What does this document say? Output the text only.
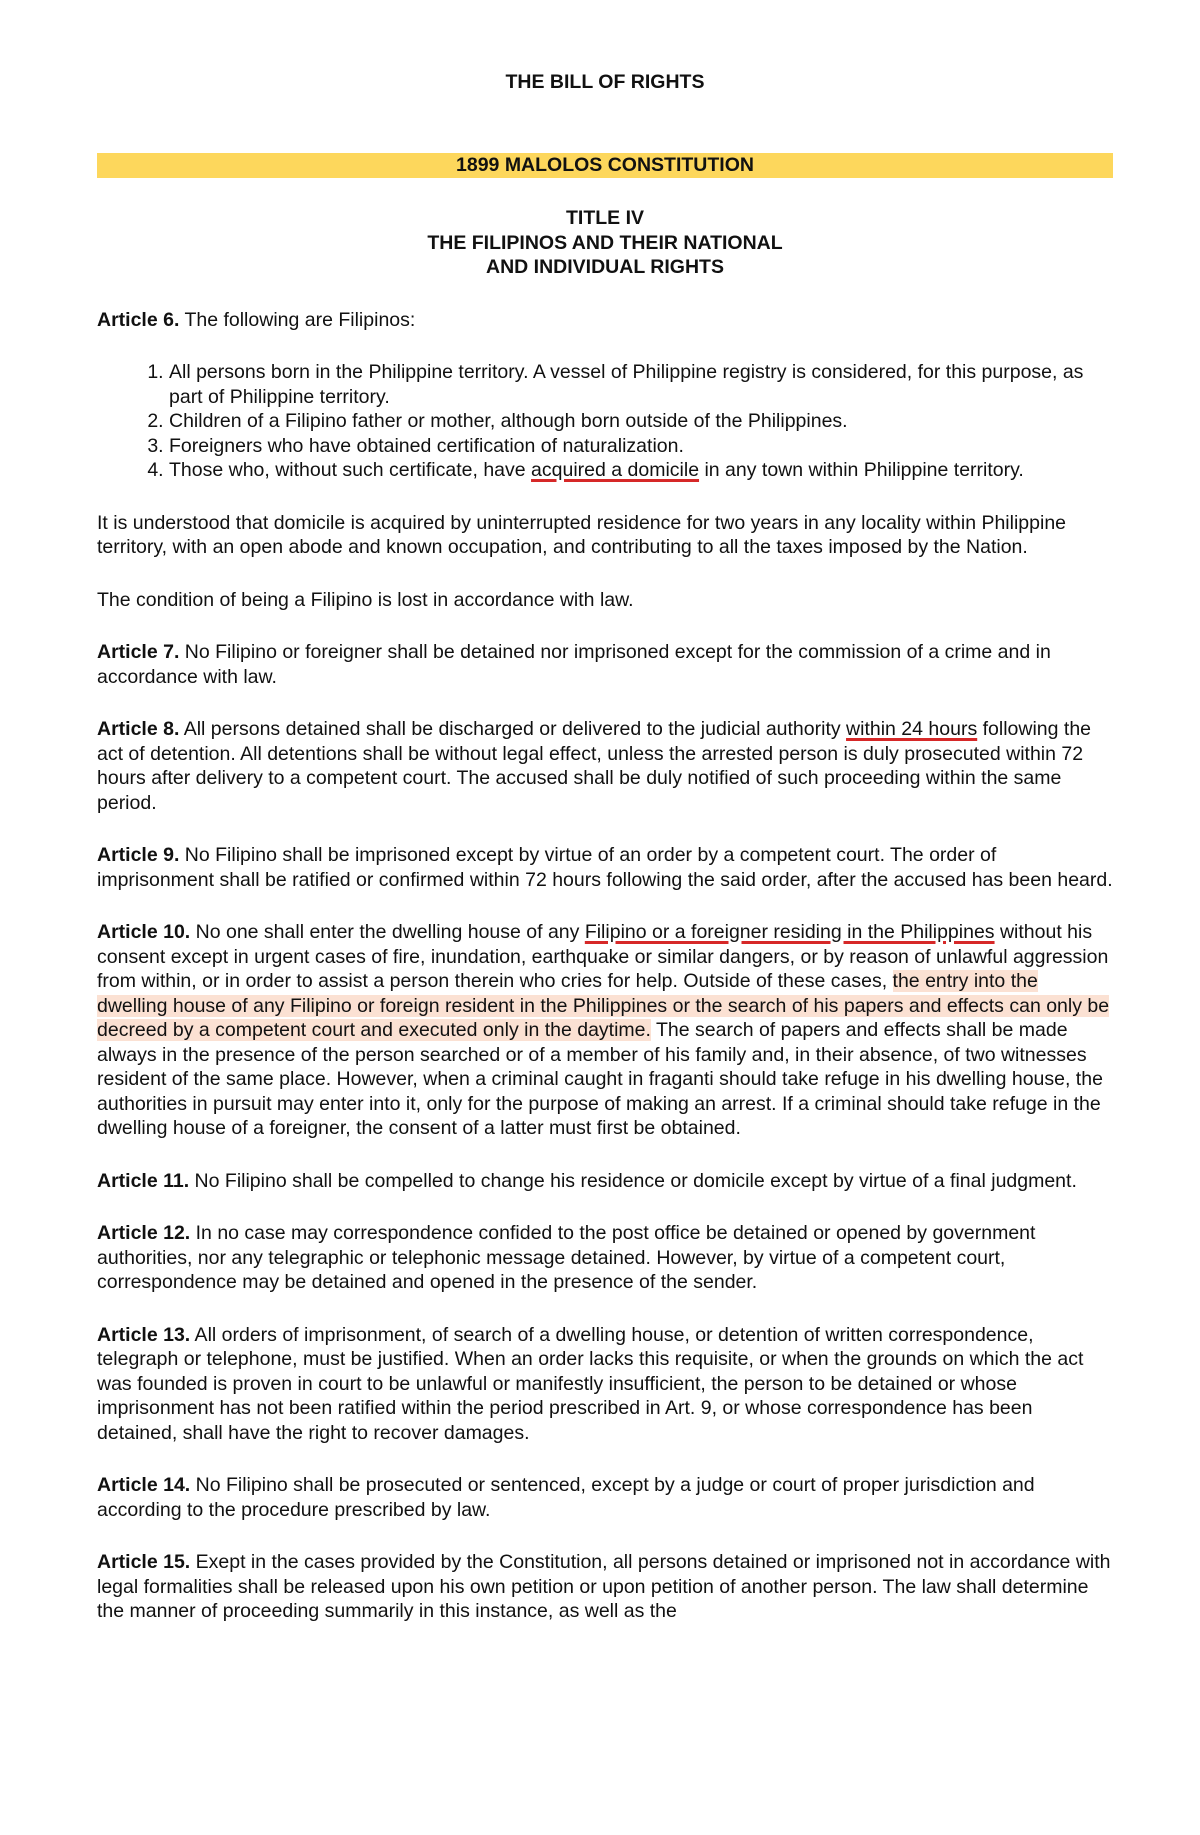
THE BILL OF RIGHTS
1899 MALOLOS CONSTITUTION
TITLE IV
THE FILIPINOS AND THEIR NATIONAL
AND INDIVIDUAL RIGHTS

Article 6. The following are Filipinos:

1. All persons born in the Philippine territory. A vessel of Philippine registry is considered, for this purpose, as part of Philippine territory.
2. Children of a Filipino father or mother, although born outside of the Philippines.
3. Foreigners who have obtained certification of naturalization.
4. Those who, without such certificate, have acquired a domicile in any town within Philippine territory.

It is understood that domicile is acquired by uninterrupted residence for two years in any locality within Philippine territory, with an open abode and known occupation, and contributing to all the taxes imposed by the Nation.

The condition of being a Filipino is lost in accordance with law.

Article 7. No Filipino or foreigner shall be detained nor imprisoned except for the commission of a crime and in accordance with law.

Article 8. All persons detained shall be discharged or delivered to the judicial authority within 24 hours following the act of detention. All detentions shall be without legal effect, unless the arrested person is duly prosecuted within 72 hours after delivery to a competent court. The accused shall be duly notified of such proceeding within the same period.

Article 9. No Filipino shall be imprisoned except by virtue of an order by a competent court. The order of imprisonment shall be ratified or confirmed within 72 hours following the said order, after the accused has been heard.

Article 10. No one shall enter the dwelling house of any Filipino or a foreigner residing in the Philippines without his consent except in urgent cases of fire, inundation, earthquake or similar dangers, or by reason of unlawful aggression from within, or in order to assist a person therein who cries for help. Outside of these cases, the entry into the dwelling house of any Filipino or foreign resident in the Philippines or the search of his papers and effects can only be decreed by a competent court and executed only in the daytime. The search of papers and effects shall be made always in the presence of the person searched or of a member of his family and, in their absence, of two witnesses resident of the same place. However, when a criminal caught in fraganti should take refuge in his dwelling house, the authorities in pursuit may enter into it, only for the purpose of making an arrest. If a criminal should take refuge in the dwelling house of a foreigner, the consent of a latter must first be obtained.

Article 11. No Filipino shall be compelled to change his residence or domicile except by virtue of a final judgment.

Article 12. In no case may correspondence confided to the post office be detained or opened by government authorities, nor any telegraphic or telephonic message detained. However, by virtue of a competent court, correspondence may be detained and opened in the presence of the sender.

Article 13. All orders of imprisonment, of search of a dwelling house, or detention of written correspondence, telegraph or telephone, must be justified. When an order lacks this requisite, or when the grounds on which the act was founded is proven in court to be unlawful or manifestly insufficient, the person to be detained or whose imprisonment has not been ratified within the period prescribed in Art. 9, or whose correspondence has been detained, shall have the right to recover damages.

Article 14. No Filipino shall be prosecuted or sentenced, except by a judge or court of proper jurisdiction and according to the procedure prescribed by law.

Article 15. Exept in the cases provided by the Constitution, all persons detained or imprisoned not in accordance with legal formalities shall be released upon his own petition or upon petition of another person. The law shall determine the manner of proceeding summarily in this instance, as well as the
